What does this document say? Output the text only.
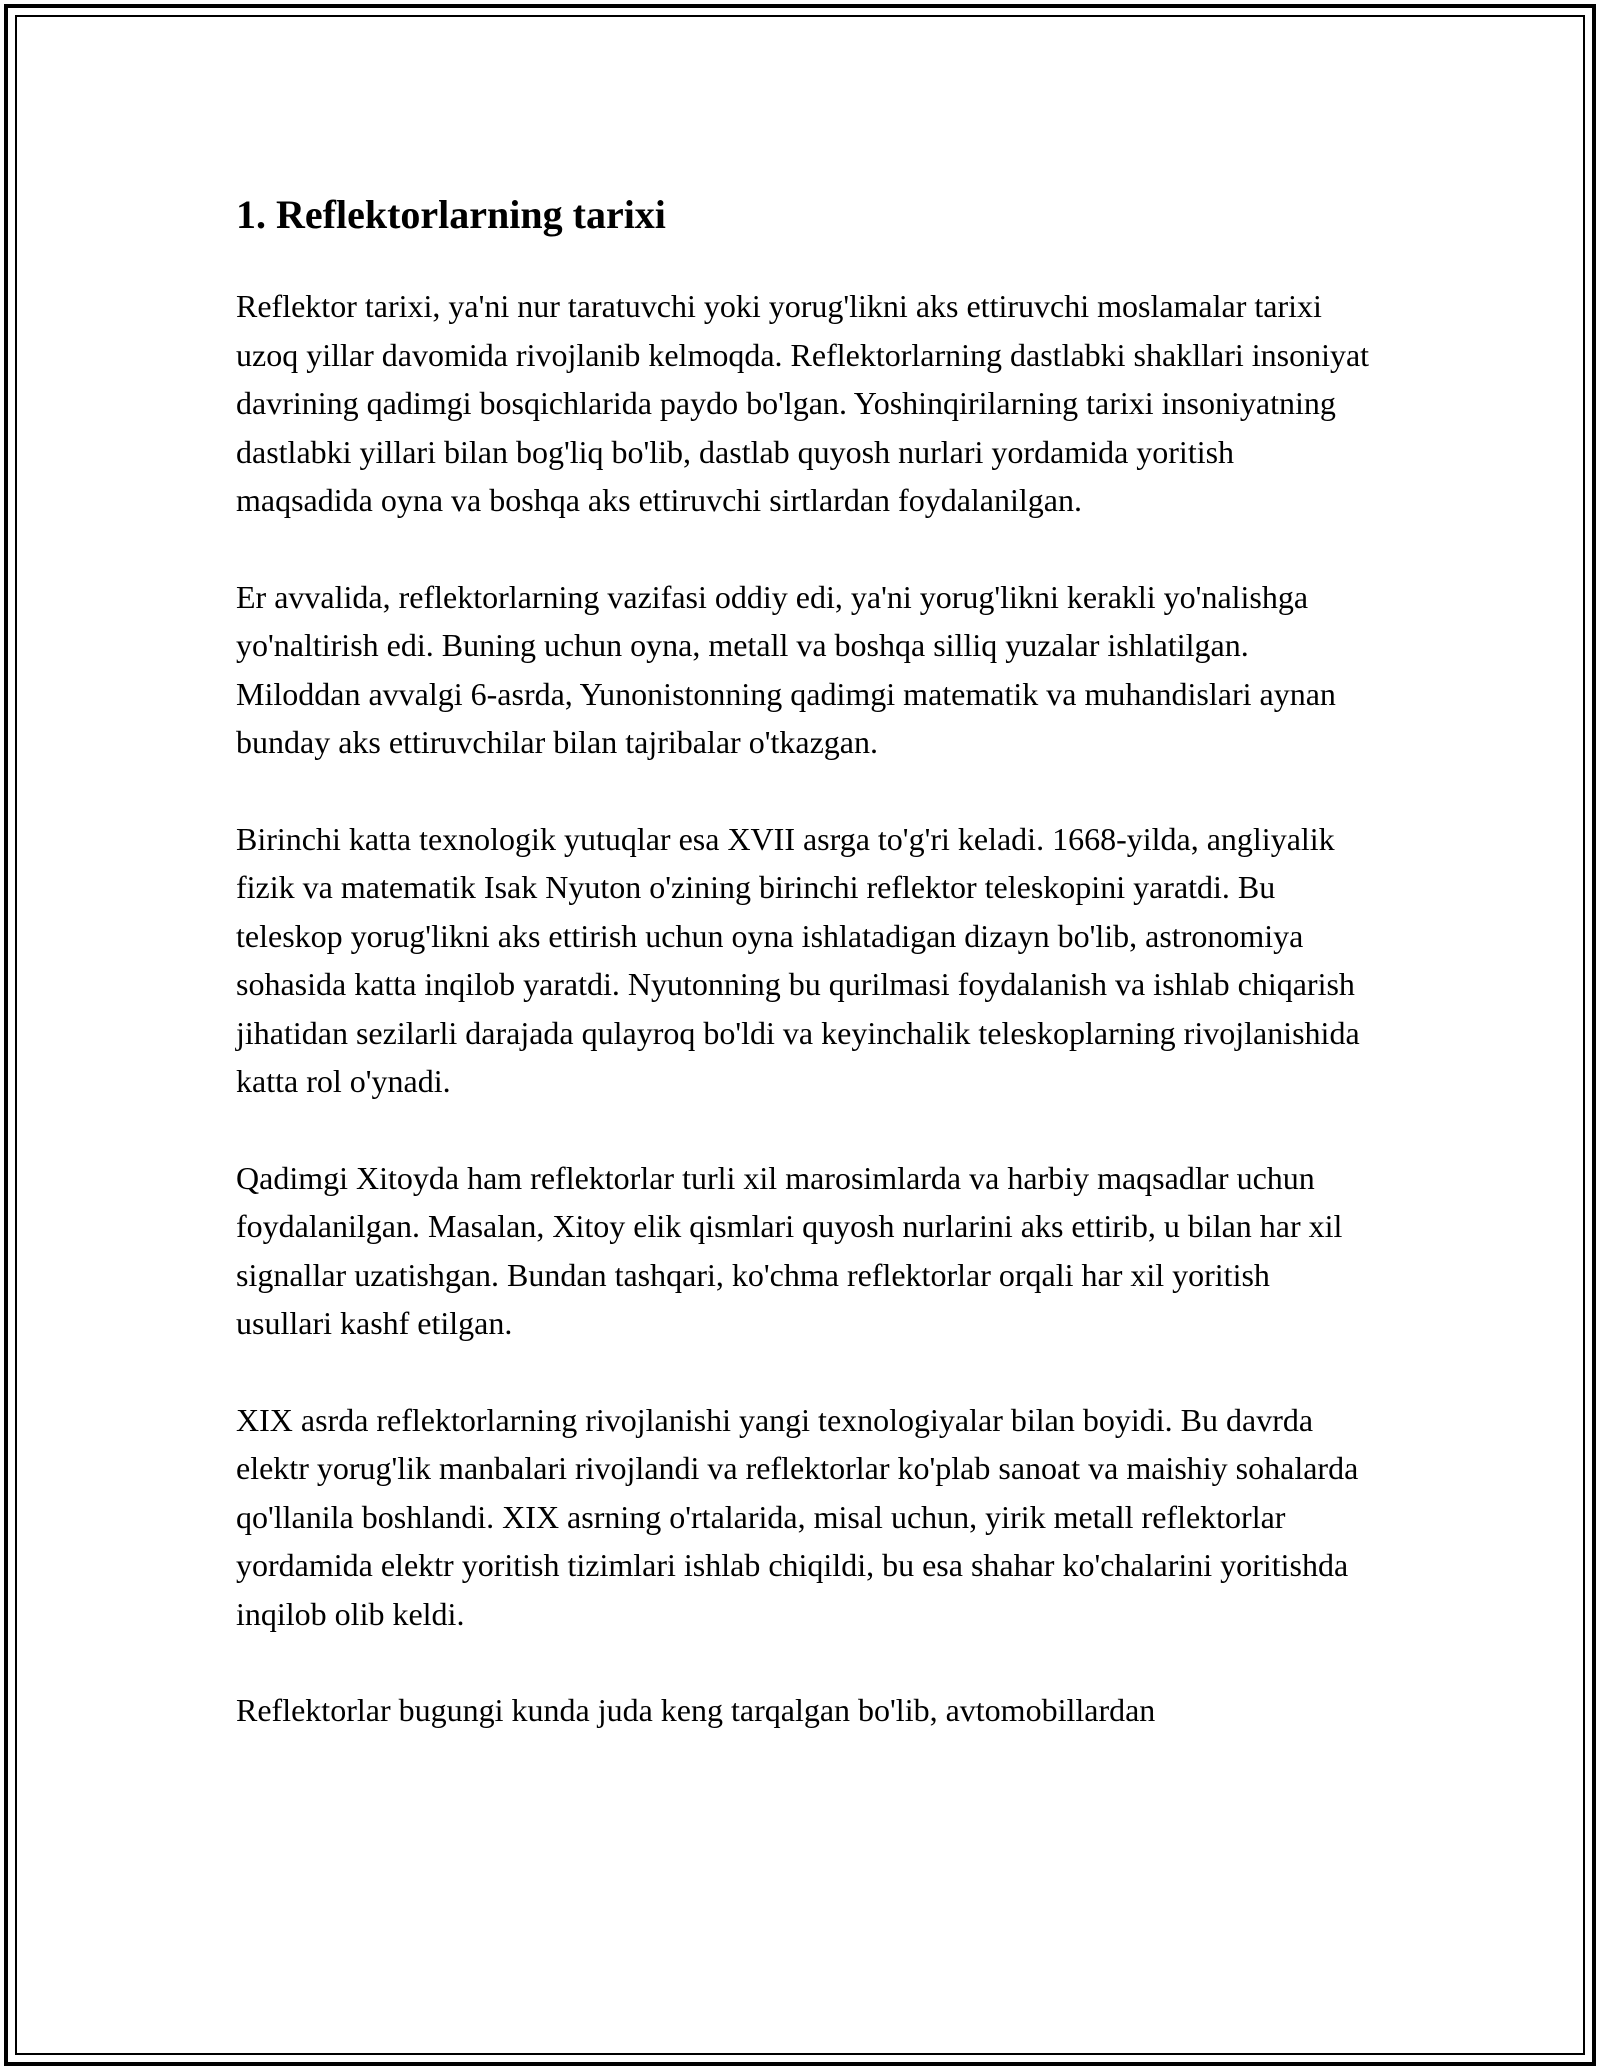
1. Reflektorlarning tarixi

Reflektor tarixi, ya'ni nur taratuvchi yoki yorug'likni aks ettiruvchi moslamalar tarixi uzoq yillar davomida rivojlanib kelmoqda. Reflektorlarning dastlabki shakllari insoniyat davrining qadimgi bosqichlarida paydo bo'lgan. Yoshinqirilarning tarixi insoniyatning dastlabki yillari bilan bog'liq bo'lib, dastlab quyosh nurlari yordamida yoritish maqsadida oyna va boshqa aks ettiruvchi sirtlardan foydalanilgan.

Er avvalida, reflektorlarning vazifasi oddiy edi, ya'ni yorug'likni kerakli yo'nalishga yo'naltirish edi. Buning uchun oyna, metall va boshqa silliq yuzalar ishlatilgan. Miloddan avvalgi 6-asrda, Yunonistonning qadimgi matematik va muhandislari aynan bunday aks ettiruvchilar bilan tajribalar o'tkazgan.

Birinchi katta texnologik yutuqlar esa XVII asrga to'g'ri keladi. 1668-yilda, angliyalik fizik va matematik Isak Nyuton o'zining birinchi reflektor teleskopini yaratdi. Bu teleskop yorug'likni aks ettirish uchun oyna ishlatadigan dizayn bo'lib, astronomiya sohasida katta inqilob yaratdi. Nyutonning bu qurilmasi foydalanish va ishlab chiqarish jihatidan sezilarli darajada qulayroq bo'ldi va keyinchalik teleskoplarning rivojlanishida katta rol o'ynadi.

Qadimgi Xitoyda ham reflektorlar turli xil marosimlarda va harbiy maqsadlar uchun foydalanilgan. Masalan, Xitoy elik qismlari quyosh nurlarini aks ettirib, u bilan har xil signallar uzatishgan. Bundan tashqari, ko'chma reflektorlar orqali har xil yoritish usullari kashf etilgan.

XIX asrda reflektorlarning rivojlanishi yangi texnologiyalar bilan boyidi. Bu davrda elektr yorug'lik manbalari rivojlandi va reflektorlar ko'plab sanoat va maishiy sohalarda qo'llanila boshlandi. XIX asrning o'rtalarida, misal uchun, yirik metall reflektorlar yordamida elektr yoritish tizimlari ishlab chiqildi, bu esa shahar ko'chalarini yoritishda inqilob olib keldi.

Reflektorlar bugungi kunda juda keng tarqalgan bo'lib, avtomobillardan
